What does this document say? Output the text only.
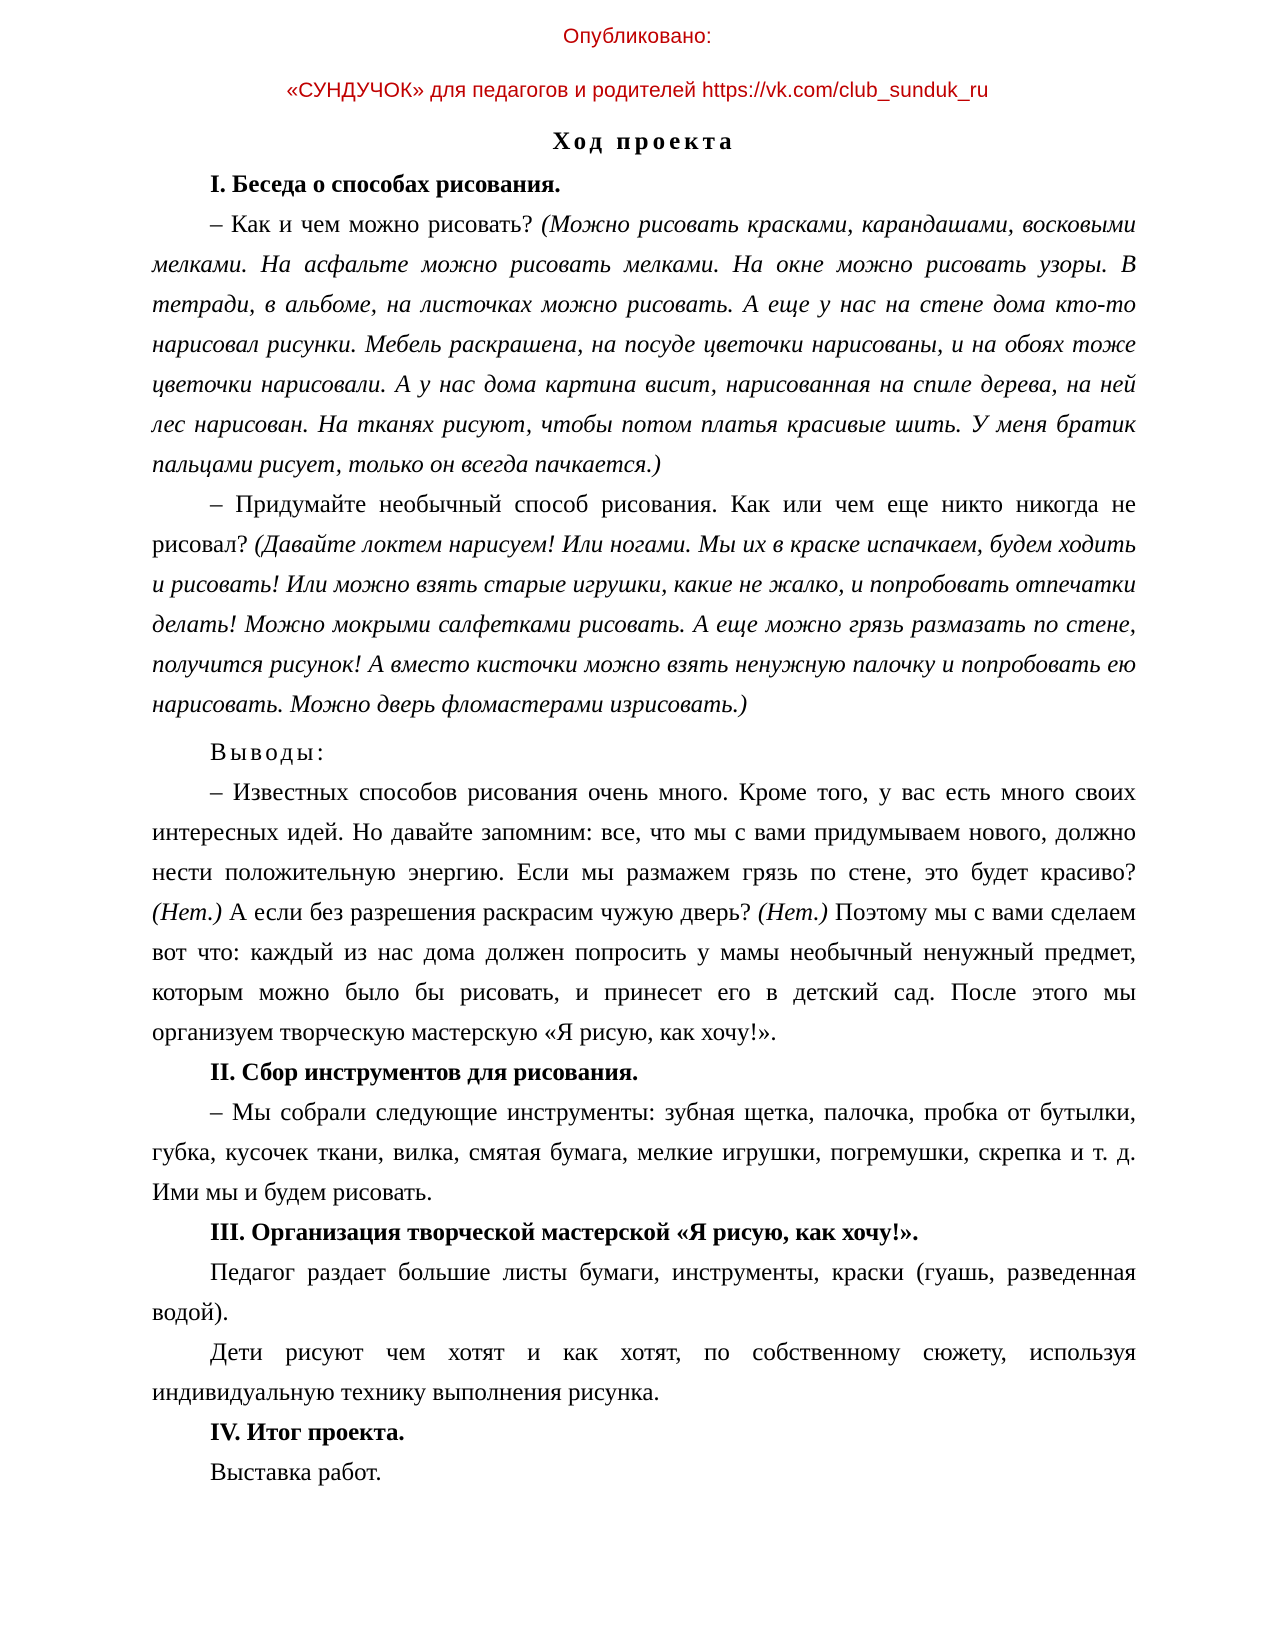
Опубликовано:
«СУНДУЧОК» для педагогов и родителей https://vk.com/club_sunduk_ru
Ход проекта
I. Беседа о способах рисования.

– Как и чем можно рисовать? (Можно рисовать красками, карандашами, восковыми мелками. На асфальте можно рисовать мелками. На окне можно рисовать узоры. В тетради, в альбоме, на листочках можно рисовать. А еще у нас на стене дома кто-то нарисовал рисунки. Мебель раскрашена, на посуде цветочки нарисованы, и на обоях тоже цветочки нарисовали. А у нас дома картина висит, нарисованная на спиле дерева, на ней лес нарисован. На тканях рисуют, чтобы потом платья красивые шить. У меня братик пальцами рисует, только он всегда пачкается.)

– Придумайте необычный способ рисования. Как или чем еще никто никогда не рисовал? (Давайте локтем нарисуем! Или ногами. Мы их в краске испачкаем, будем ходить и рисовать! Или можно взять старые игрушки, какие не жалко, и попробовать отпечатки делать! Можно мокрыми салфетками рисовать. А еще можно грязь размазать по стене, получится рисунок! А вместо кисточки можно взять ненужную палочку и попробовать ею нарисовать. Можно дверь фломастерами изрисовать.)

Выводы:

– Известных способов рисования очень много. Кроме того, у вас есть много своих интересных идей. Но давайте запомним: все, что мы с вами придумываем нового, должно нести положительную энергию. Если мы размажем грязь по стене, это будет красиво? (Нет.) А если без разрешения раскрасим чужую дверь? (Нет.) Поэтому мы с вами сделаем вот что: каждый из нас дома должен попросить у мамы необычный ненужный предмет, которым можно было бы рисовать, и принесет его в детский сад. После этого мы организуем творческую мастерскую «Я рисую, как хочу!».

II. Сбор инструментов для рисования.

– Мы собрали следующие инструменты: зубная щетка, палочка, пробка от бутылки, губка, кусочек ткани, вилка, смятая бумага, мелкие игрушки, погремушки, скрепка и т. д. Ими мы и будем рисовать.

III. Организация творческой мастерской «Я рисую, как хочу!».

Педагог раздает большие листы бумаги, инструменты, краски (гуашь, разведенная водой).

Дети рисуют чем хотят и как хотят, по собственному сюжету, используя индивидуальную технику выполнения рисунка.

IV. Итог проекта.

Выставка работ.
